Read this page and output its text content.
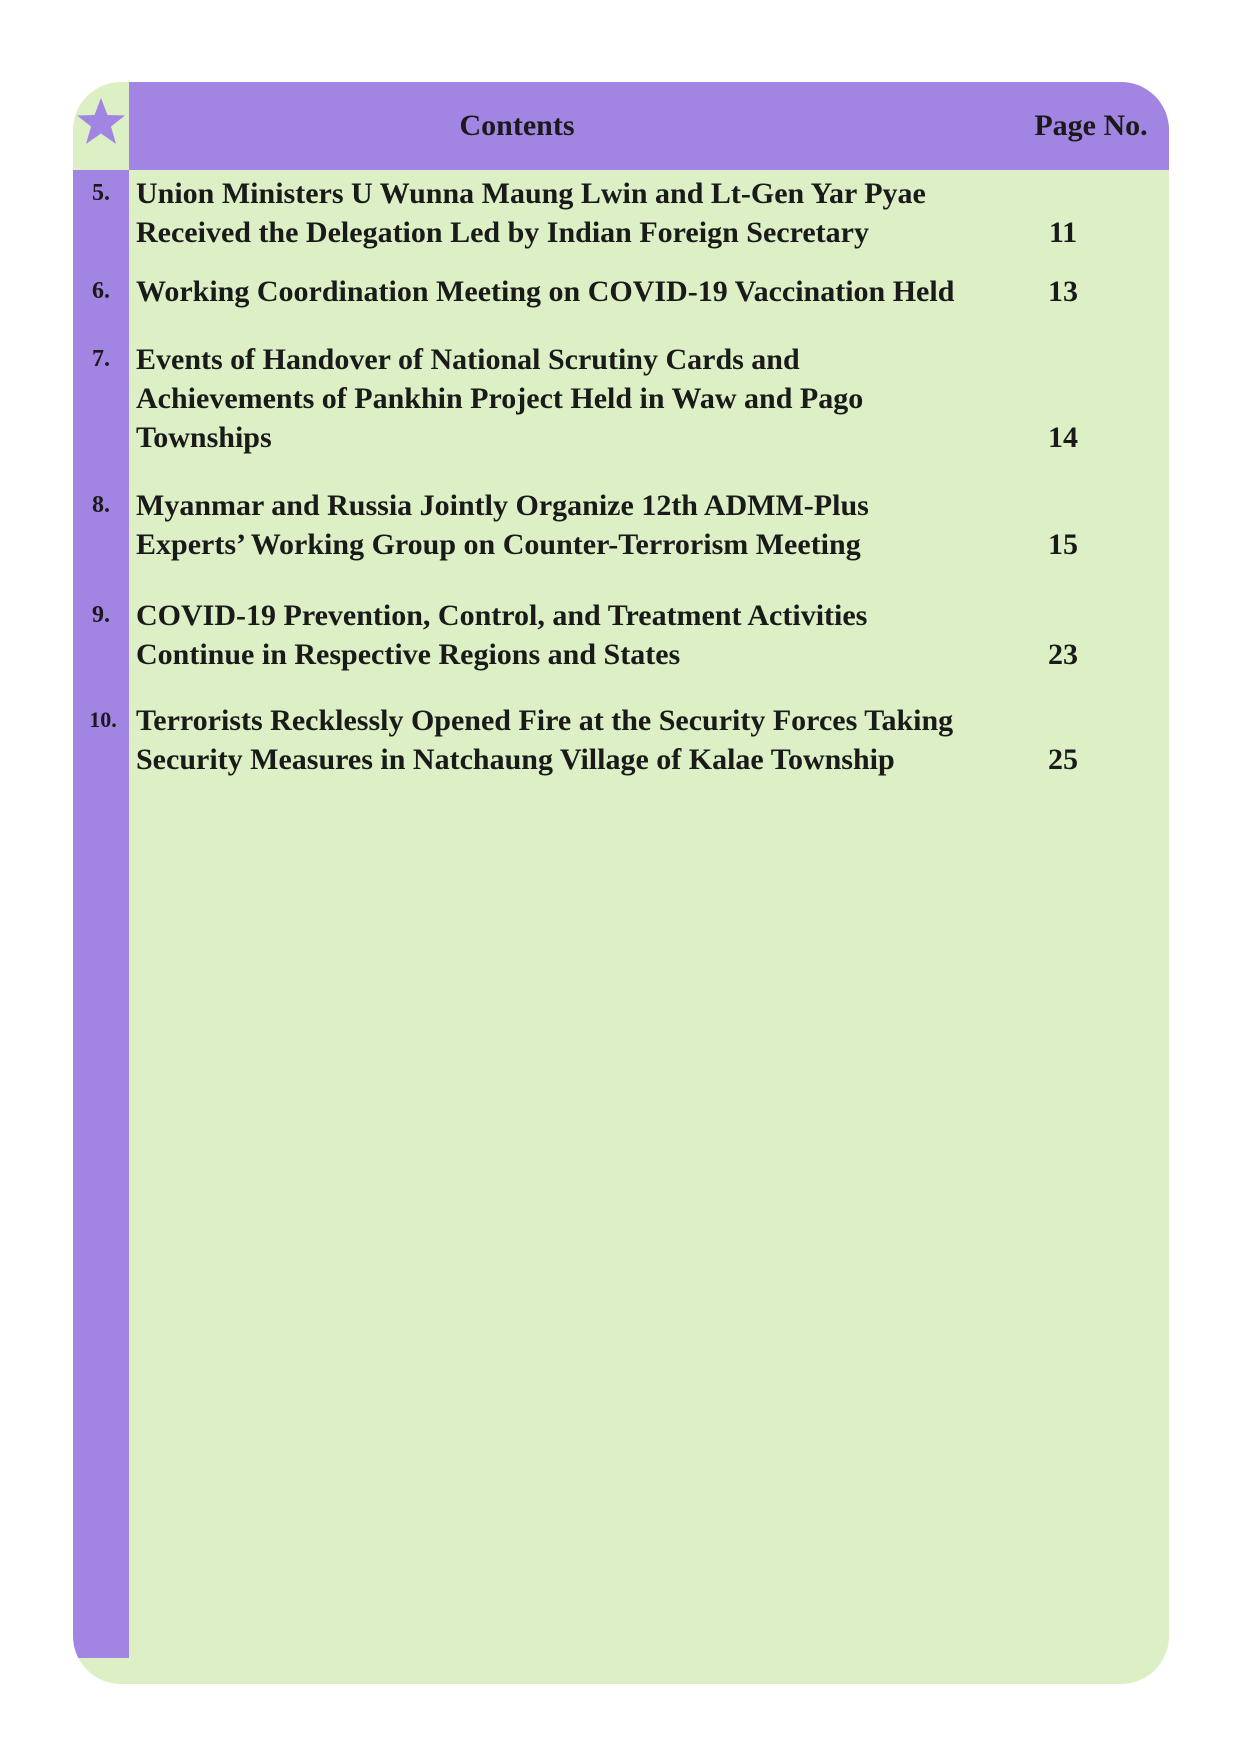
Contents	Page No.
5. Union Ministers U Wunna Maung Lwin and Lt-Gen Yar Pyae
Received the Delegation Led by Indian Foreign Secretary	11
6. Working Coordination Meeting on COVID-19 Vaccination Held	13
7. Events of Handover of National Scrutiny Cards and
Achievements of Pankhin Project Held in Waw and Pago
Townships	14
8. Myanmar and Russia Jointly Organize 12th ADMM-Plus
Experts’ Working Group on Counter-Terrorism Meeting	15
9. COVID-19 Prevention, Control, and Treatment Activities
Continue in Respective Regions and States	23
10. Terrorists Recklessly Opened Fire at the Security Forces Taking
Security Measures in Natchaung Village of Kalae Township	25
